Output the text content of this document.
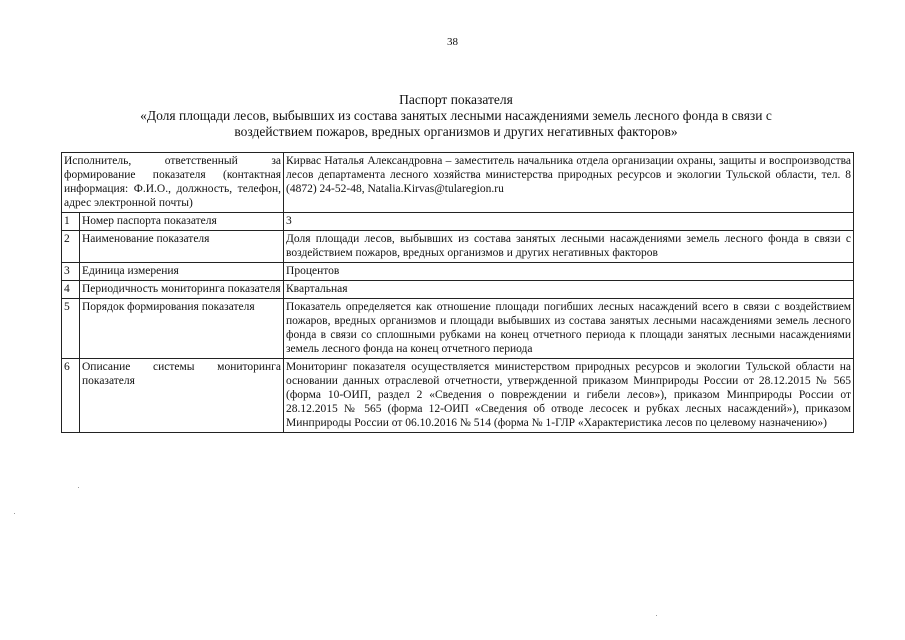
38
Паспорт показателя
«Доля площади лесов, выбывших из состава занятых лесными насаждениями земель лесного фонда в связи с
воздействием пожаров, вредных организмов и других негативных факторов»
Исполнитель, ответственный за формирование показателя (контактная информация: Ф.И.О., должность, телефон, адрес электронной почты)		Кирвас Наталья Александровна – заместитель начальника отдела организации охраны, защиты и воспроизводства лесов департамента лесного хозяйства министерства природных ресурсов и экологии Тульской области, тел. 8 (4872) 24-52-48, Natalia.Kirvas@tularegion.ru
1	Номер паспорта показателя	3
2	Наименование показателя	Доля площади лесов, выбывших из состава занятых лесными насаждениями земель лесного фонда в связи с воздействием пожаров, вредных организмов и других негативных факторов
3	Единица измерения	Процентов
4	Периодичность мониторинга показателя	Квартальная
5	Порядок формирования показателя	Показатель определяется как отношение площади погибших лесных насаждений всего в связи с воздействием пожаров, вредных организмов и площади выбывших из состава занятых лесными насаждениями земель лесного фонда в связи со сплошными рубками на конец отчетного периода к площади занятых лесными насаждениями земель лесного фонда на конец отчетного периода
6	Описание системы мониторинга показателя	Мониторинг показателя осуществляется министерством природных ресурсов и экологии Тульской области на основании данных отраслевой отчетности, утвержденной приказом Минприроды России от 28.12.2015 № 565 (форма 10-ОИП, раздел 2 «Сведения о повреждении и гибели лесов»), приказом Минприроды России от 28.12.2015 № 565 (форма 12-ОИП «Сведения об отводе лесосек и рубках лесных насаждений»), приказом Минприроды России от 06.10.2016 № 514 (форма № 1-ГЛР «Характеристика лесов по целевому назначению»)
